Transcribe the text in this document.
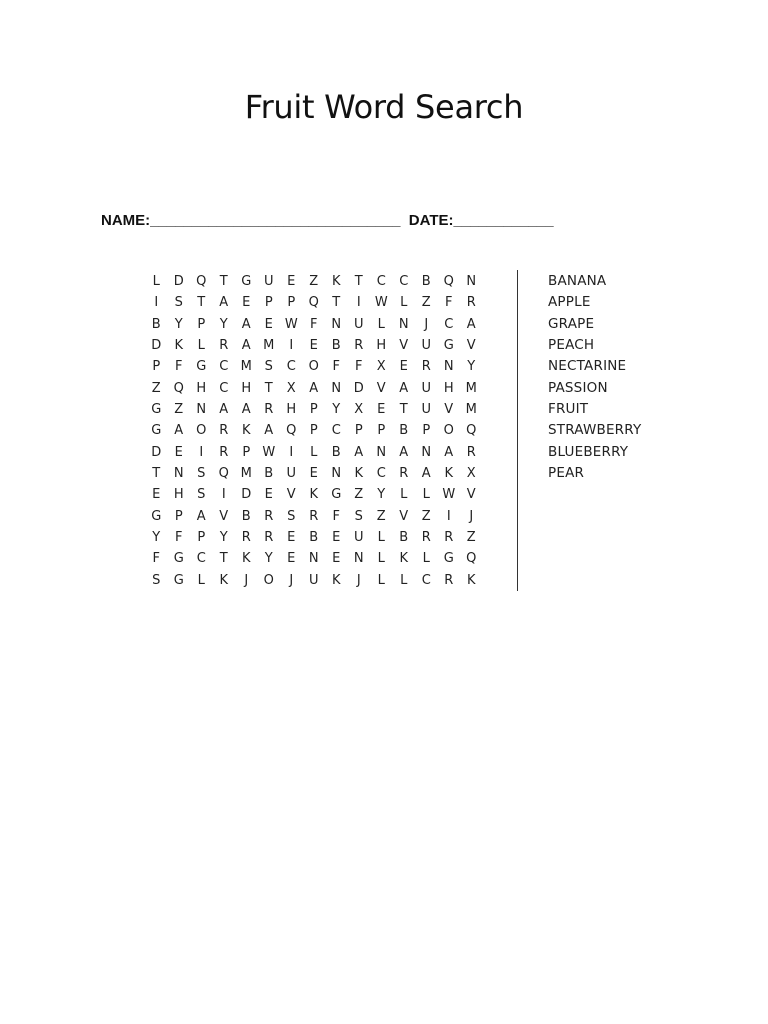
Fruit Word Search
NAME:______________________________  DATE:____________
L	D Q	T	G U	E	Z	K	T	C	C	B Q N
I	S	T	A	E	P	P	Q	T	I	W L	Z	F	R
B	Y	P	Y	A	E W F	N U	L	N	J	C	A
D	K	L	R	A M	I	E	B	R	H	V	U G	V
P	F	G C M S	C O	F	F	X	E	R	N	Y
Z Q H	C	H	T	X	A	N D	V	A	U H M
G	Z	N	A	A	R	H	P	Y	X	E	T	U	V M
G	A O R	K	A Q	P	C	P	P	B	P	O Q
D	E	I	R	P W	I	L	B	A	N	A	N	A	R
T	N	S	Q M B	U	E	N	K	C	R	A	K	X
E	H	S	I	D	E	V	K	G	Z	Y	L	L W V
G	P	A	V	B	R	S	R	F	S	Z	V	Z	I	J
Y	F	P	Y	R	R	E	B	E	U	L	B	R	R	Z
F	G C	T	K	Y	E	N	E	N	L	K	L	G Q
S	G	L	K	J	O	J	U	K	J	L	L	C	R	K
BANANA
APPLE
GRAPE
PEACH
NECTARINE
PASSION
FRUIT
STRAWBERRY
BLUEBERRY
PEAR
